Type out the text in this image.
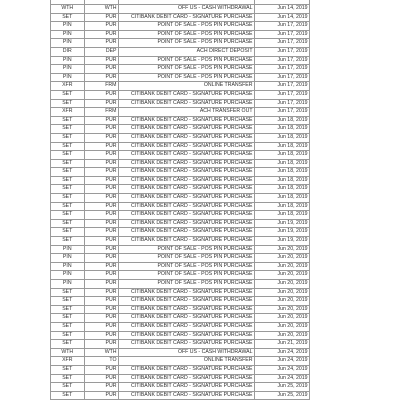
WTH	WTH	OFF US - CASH WITHDRAWAL	Jun 14, 2019
SET	PUR	CITIBANK DEBIT CARD - SIGNATURE PURCHASE	Jun 14, 2019
PIN	PUR	POINT OF SALE - POS PIN PURCHASE	Jun 17, 2019
PIN	PUR	POINT OF SALE - POS PIN PURCHASE	Jun 17, 2019
PIN	PUR	POINT OF SALE - POS PIN PURCHASE	Jun 17, 2019
DIR	DEP	ACH DIRECT DEPOSIT	Jun 17, 2019
PIN	PUR	POINT OF SALE - POS PIN PURCHASE	Jun 17, 2019
PIN	PUR	POINT OF SALE - POS PIN PURCHASE	Jun 17, 2019
PIN	PUR	POINT OF SALE - POS PIN PURCHASE	Jun 17, 2019
XFR	FRM	ONLINE TRANSFER	Jun 17, 2019
SET	PUR	CITIBANK DEBIT CARD - SIGNATURE PURCHASE	Jun 17, 2019
SET	PUR	CITIBANK DEBIT CARD - SIGNATURE PURCHASE	Jun 17, 2019
XFR	FRM	ACH TRANSFER OUT	Jun 17, 2019
SET	PUR	CITIBANK DEBIT CARD - SIGNATURE PURCHASE	Jun 18, 2019
SET	PUR	CITIBANK DEBIT CARD - SIGNATURE PURCHASE	Jun 18, 2019
SET	PUR	CITIBANK DEBIT CARD - SIGNATURE PURCHASE	Jun 18, 2019
SET	PUR	CITIBANK DEBIT CARD - SIGNATURE PURCHASE	Jun 18, 2019
SET	PUR	CITIBANK DEBIT CARD - SIGNATURE PURCHASE	Jun 18, 2019
SET	PUR	CITIBANK DEBIT CARD - SIGNATURE PURCHASE	Jun 18, 2019
SET	PUR	CITIBANK DEBIT CARD - SIGNATURE PURCHASE	Jun 18, 2019
SET	PUR	CITIBANK DEBIT CARD - SIGNATURE PURCHASE	Jun 18, 2019
SET	PUR	CITIBANK DEBIT CARD - SIGNATURE PURCHASE	Jun 18, 2019
SET	PUR	CITIBANK DEBIT CARD - SIGNATURE PURCHASE	Jun 18, 2019
SET	PUR	CITIBANK DEBIT CARD - SIGNATURE PURCHASE	Jun 18, 2019
SET	PUR	CITIBANK DEBIT CARD - SIGNATURE PURCHASE	Jun 18, 2019
SET	PUR	CITIBANK DEBIT CARD - SIGNATURE PURCHASE	Jun 19, 2019
SET	PUR	CITIBANK DEBIT CARD - SIGNATURE PURCHASE	Jun 19, 2019
SET	PUR	CITIBANK DEBIT CARD - SIGNATURE PURCHASE	Jun 19, 2019
PIN	PUR	POINT OF SALE - POS PIN PURCHASE	Jun 20, 2019
PIN	PUR	POINT OF SALE - POS PIN PURCHASE	Jun 20, 2019
PIN	PUR	POINT OF SALE - POS PIN PURCHASE	Jun 20, 2019
PIN	PUR	POINT OF SALE - POS PIN PURCHASE	Jun 20, 2019
PIN	PUR	POINT OF SALE - POS PIN PURCHASE	Jun 20, 2019
SET	PUR	CITIBANK DEBIT CARD - SIGNATURE PURCHASE	Jun 20, 2019
SET	PUR	CITIBANK DEBIT CARD - SIGNATURE PURCHASE	Jun 20, 2019
SET	PUR	CITIBANK DEBIT CARD - SIGNATURE PURCHASE	Jun 20, 2019
SET	PUR	CITIBANK DEBIT CARD - SIGNATURE PURCHASE	Jun 20, 2019
SET	PUR	CITIBANK DEBIT CARD - SIGNATURE PURCHASE	Jun 20, 2019
SET	PUR	CITIBANK DEBIT CARD - SIGNATURE PURCHASE	Jun 20, 2019
SET	PUR	CITIBANK DEBIT CARD - SIGNATURE PURCHASE	Jun 21, 2019
WTH	WTH	OFF US - CASH WITHDRAWAL	Jun 24, 2019
XFR	TO	ONLINE TRANSFER	Jun 24, 2019
SET	PUR	CITIBANK DEBIT CARD - SIGNATURE PURCHASE	Jun 24, 2019
SET	PUR	CITIBANK DEBIT CARD - SIGNATURE PURCHASE	Jun 24, 2019
SET	PUR	CITIBANK DEBIT CARD - SIGNATURE PURCHASE	Jun 25, 2019
SET	PUR	CITIBANK DEBIT CARD - SIGNATURE PURCHASE	Jun 25, 2019
